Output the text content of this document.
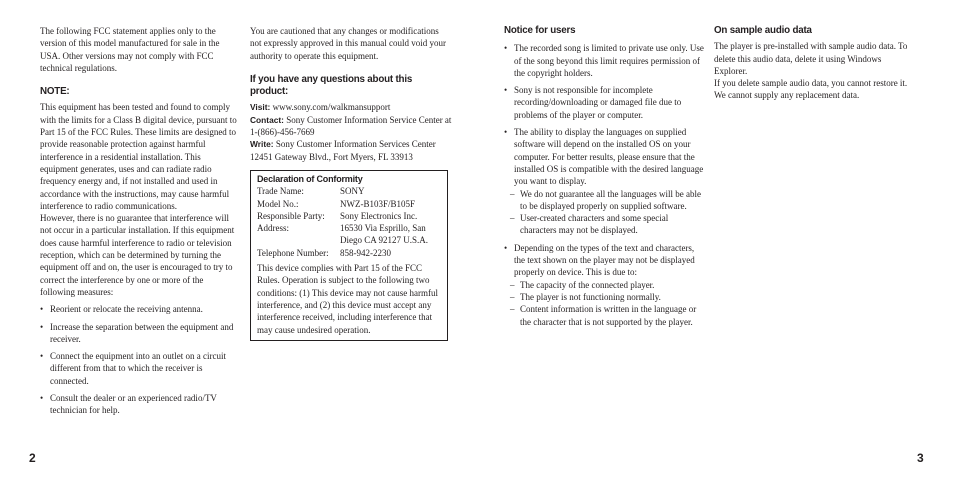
The following FCC statement applies only to the version of this model manufactured for sale in the USA. Other versions may not comply with FCC technical regulations.

NOTE:

This equipment has been tested and found to comply with the limits for a Class B digital device, pursuant to Part 15 of the FCC Rules. These limits are designed to provide reasonable protection against harmful interference in a residential installation. This equipment generates, uses and can radiate radio frequency energy and, if not installed and used in accordance with the instructions, may cause harmful interference to radio communications.

However, there is no guarantee that interference will not occur in a particular installation. If this equipment does cause harmful interference to radio or television reception, which can be determined by turning the equipment off and on, the user is encouraged to try to correct the interference by one or more of the following measures:

• Reorient or relocate the receiving antenna.

• Increase the separation between the equipment and receiver.

• Connect the equipment into an outlet on a circuit different from that to which the receiver is connected.

• Consult the dealer or an experienced radio/TV technician for help.

You are cautioned that any changes or modifications not expressly approved in this manual could void your authority to operate this equipment.

If you have any questions about this product:

Visit: www.sony.com/walkmansupport

Contact: Sony Customer Information Service Center at 1-(866)-456-7669

Write: Sony Customer Information Services Center 12451 Gateway Blvd., Fort Myers, FL 33913

Declaration of Conformity

Trade Name:	SONY
Model No.:	NWZ-B103F/B105F
Responsible Party:	Sony Electronics Inc.
Address:	16530 Via Esprillo, San Diego CA 92127 U.S.A.
Telephone Number:	858-942-2230

This device complies with Part 15 of the FCC Rules. Operation is subject to the following two conditions: (1) This device may not cause harmful interference, and (2) this device must accept any interference received, including interference that may cause undesired operation.

Notice for users

• The recorded song is limited to private use only. Use of the song beyond this limit requires permission of the copyright holders.

• Sony is not responsible for incomplete recording/downloading or damaged file due to problems of the player or computer.

• The ability to display the languages on supplied software will depend on the installed OS on your computer. For better results, please ensure that the installed OS is compatible with the desired language you want to display.

– We do not guarantee all the languages will be able to be displayed properly on supplied software.

– User-created characters and some special characters may not be displayed.

• Depending on the types of the text and characters, the text shown on the player may not be displayed properly on device. This is due to:

– The capacity of the connected player.

– The player is not functioning normally.

– Content information is written in the language or the character that is not supported by the player.

On sample audio data

The player is pre-installed with sample audio data. To delete this audio data, delete it using Windows Explorer.

If you delete sample audio data, you cannot restore it. We cannot supply any replacement data.

2	3
